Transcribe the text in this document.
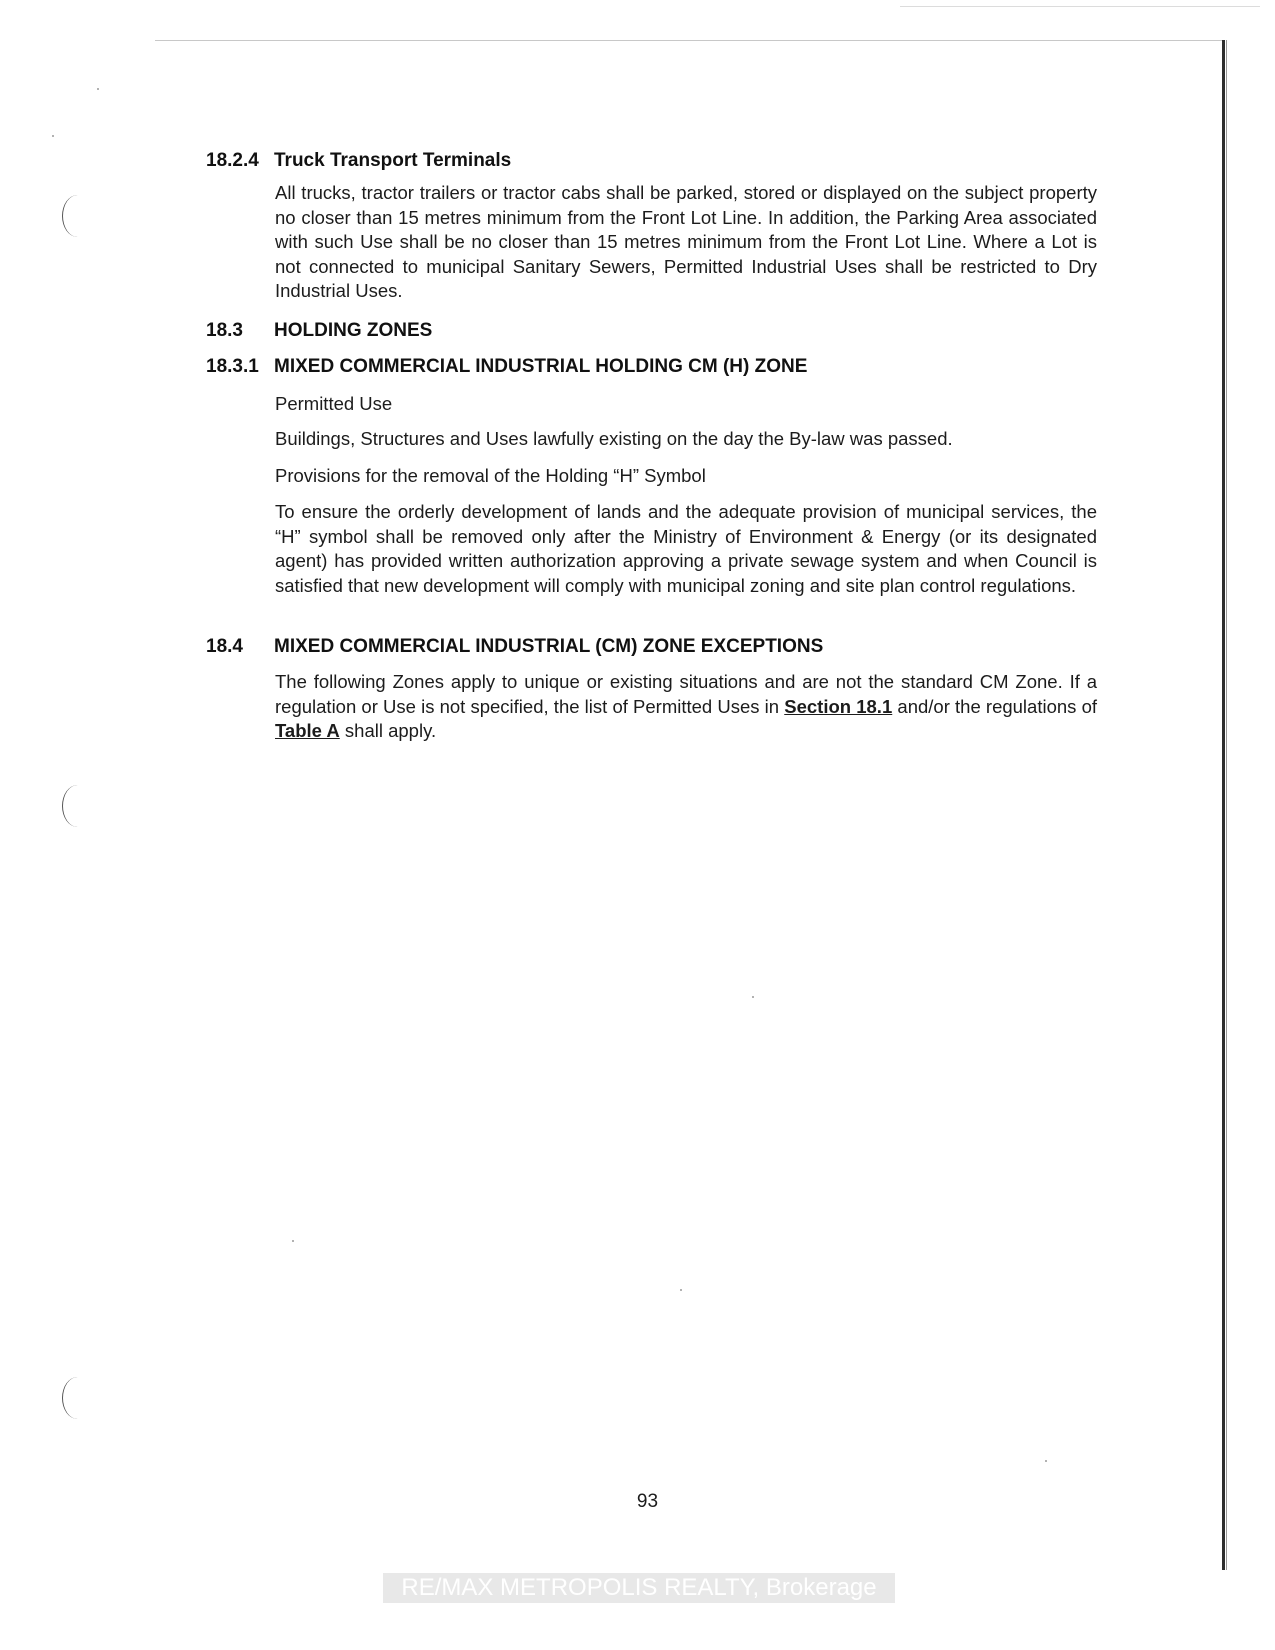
18.2.4 Truck Transport Terminals
All trucks, tractor trailers or tractor cabs shall be parked, stored or displayed on the subject property no closer than 15 metres minimum from the Front Lot Line. In addition, the Parking Area associated with such Use shall be no closer than 15 metres minimum from the Front Lot Line. Where a Lot is not connected to municipal Sanitary Sewers, Permitted Industrial Uses shall be restricted to Dry Industrial Uses.
18.3 HOLDING ZONES
18.3.1 MIXED COMMERCIAL INDUSTRIAL HOLDING CM (H) ZONE
Permitted Use
Buildings, Structures and Uses lawfully existing on the day the By-law was passed.
Provisions for the removal of the Holding “H” Symbol
To ensure the orderly development of lands and the adequate provision of municipal services, the “H” symbol shall be removed only after the Ministry of Environment & Energy (or its designated agent) has provided written authorization approving a private sewage system and when Council is satisfied that new development will comply with municipal zoning and site plan control regulations.
18.4 MIXED COMMERCIAL INDUSTRIAL (CM) ZONE EXCEPTIONS
The following Zones apply to unique or existing situations and are not the standard CM Zone. If a regulation or Use is not specified, the list of Permitted Uses in Section 18.1 and/or the regulations of Table A shall apply.
93
RE/MAX METROPOLIS REALTY, Brokerage
